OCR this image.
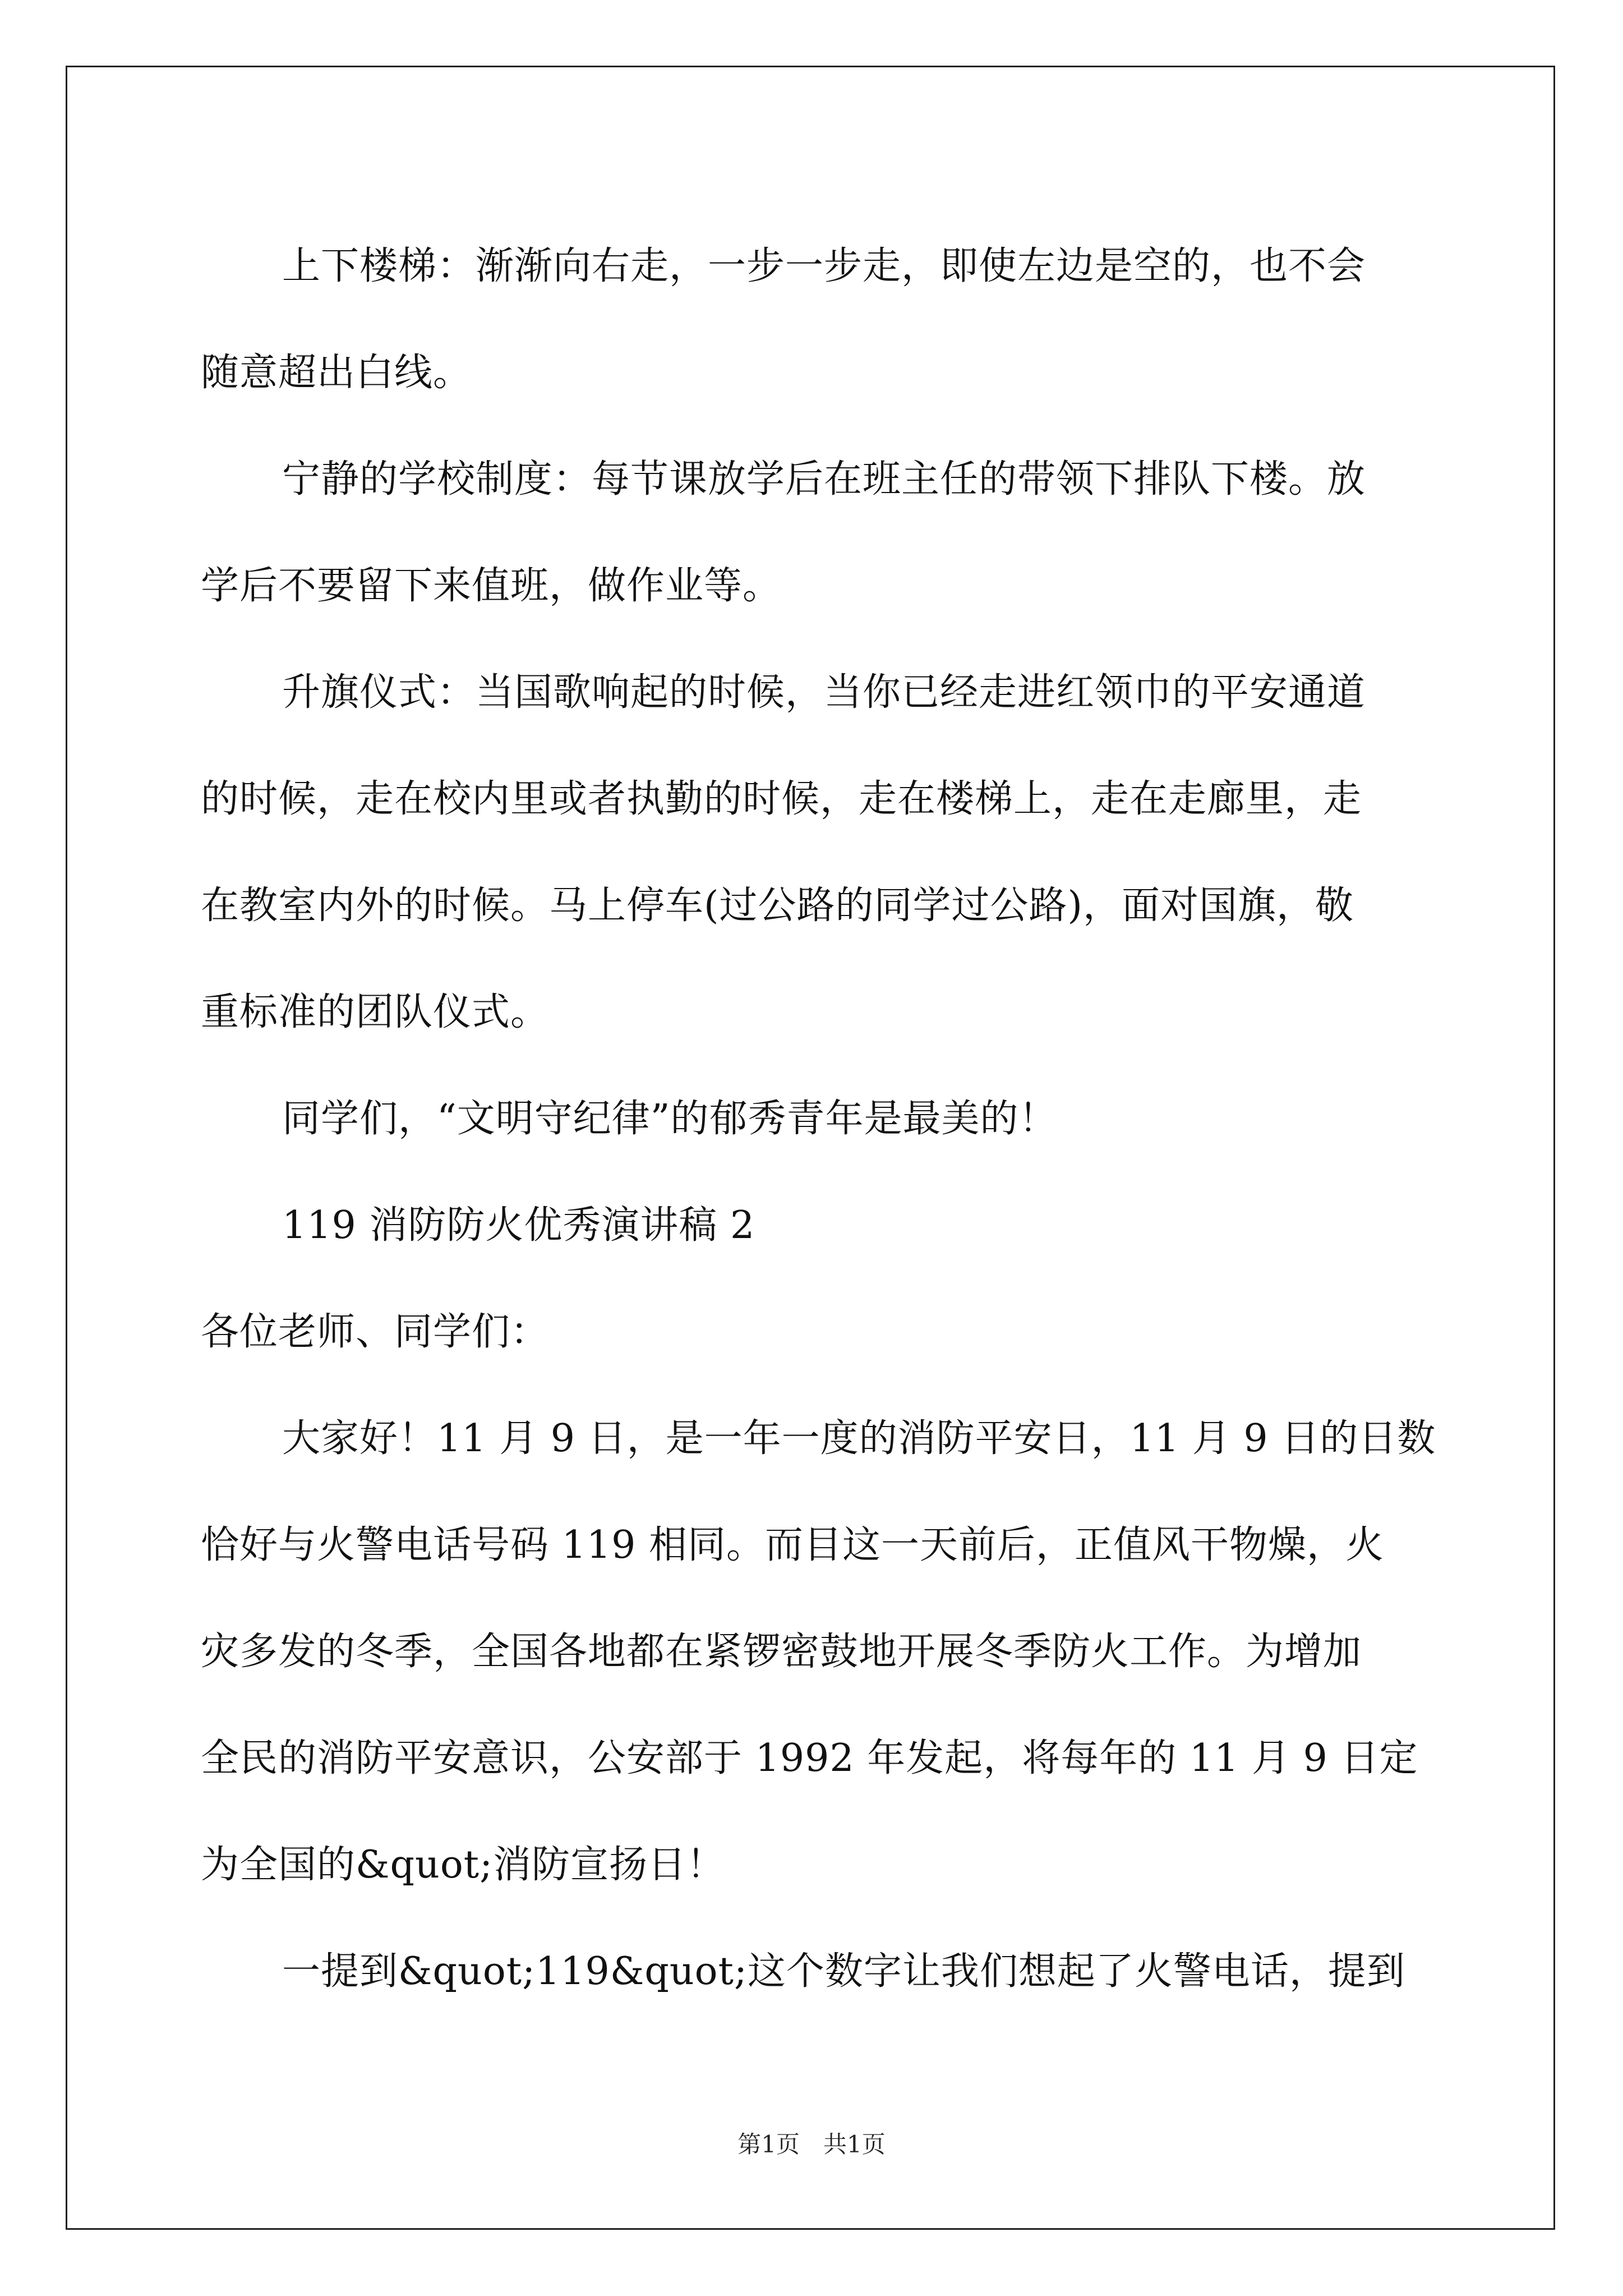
上下楼梯：渐渐向右走，一步一步走，即使左边是空的，也不会
随意超出白线。

宁静的学校制度：每节课放学后在班主任的带领下排队下楼。放
学后不要留下来值班，做作业等。

升旗仪式：当国歌响起的时候，当你已经走进红领巾的平安通道
的时候，走在校内里或者执勤的时候，走在楼梯上，走在走廊里，走
在教室内外的时候。马上停车(过公路的同学过公路)，面对国旗，敬
重标准的团队仪式。

同学们，“文明守纪律”的郁秀青年是最美的！

119 消防防火优秀演讲稿 2

各位老师、同学们：

大家好！11 月 9 日，是一年一度的消防平安日，11 月 9 日的日数
恰好与火警电话号码 119 相同。而目这一天前后，正值风干物燥，火
灾多发的冬季，全国各地都在紧锣密鼓地开展冬季防火工作。为增加
全民的消防平安意识，公安部于 1992 年发起，将每年的 11 月 9 日定
为全国的&quot;消防宣扬日！

一提到&quot;119&quot;这个数字让我们想起了火警电话，提到

第1页　共1页
